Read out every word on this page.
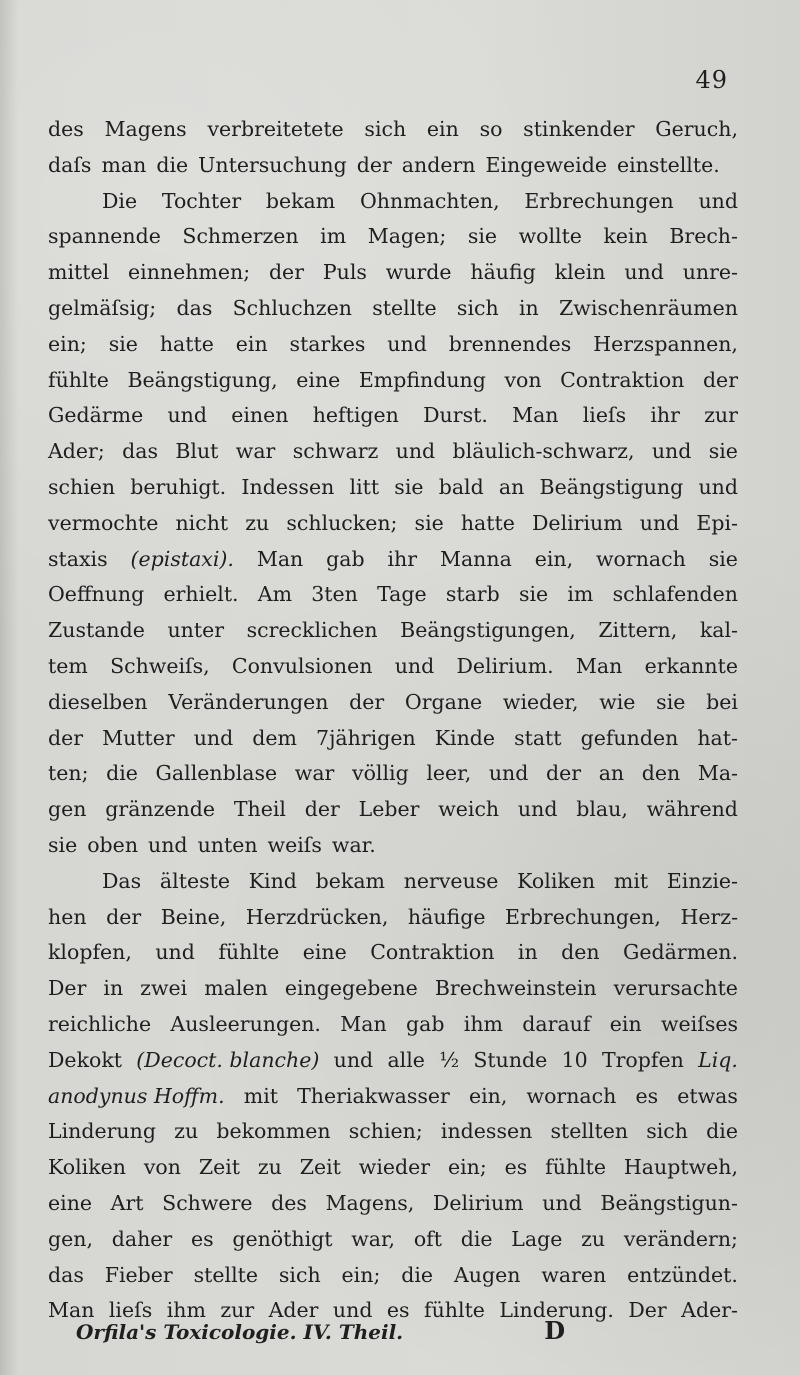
49
des Magens verbreitetete sich ein so stinkender Geruch,
daſs man die Untersuchung der andern Eingeweide einstellte.
Die Tochter bekam Ohnmachten, Erbrechungen und
spannende Schmerzen im Magen; sie wollte kein Brech-
mittel einnehmen; der Puls wurde häufig klein und unre-
gelmäſsig; das Schluchzen stellte sich in Zwischenräumen
ein; sie hatte ein starkes und brennendes Herzspannen,
fühlte Beängstigung, eine Empfindung von Contraktion der
Gedärme und einen heftigen Durst. Man lieſs ihr zur
Ader; das Blut war schwarz und bläulich-schwarz, und sie
schien beruhigt. Indessen litt sie bald an Beängstigung und
vermochte nicht zu schlucken; sie hatte Delirium und Epi-
staxis (epistaxi). Man gab ihr Manna ein, wornach sie
Oeffnung erhielt. Am 3ten Tage starb sie im schlafenden
Zustande unter screcklichen Beängstigungen, Zittern, kal-
tem Schweiſs, Convulsionen und Delirium. Man erkannte
dieselben Veränderungen der Organe wieder, wie sie bei
der Mutter und dem 7jährigen Kinde statt gefunden hat-
ten; die Gallenblase war völlig leer, und der an den Ma-
gen gränzende Theil der Leber weich und blau, während
sie oben und unten weiſs war.
Das älteste Kind bekam nerveuse Koliken mit Einzie-
hen der Beine, Herzdrücken, häufige Erbrechungen, Herz-
klopfen, und fühlte eine Contraktion in den Gedärmen.
Der in zwei malen eingegebene Brechweinstein verursachte
reichliche Ausleerungen. Man gab ihm darauf ein weiſses
Dekokt (Decoct. blanche) und alle ½ Stunde 10 Tropfen Liq.
anodynus Hoffm. mit Theriakwasser ein, wornach es etwas
Linderung zu bekommen schien; indessen stellten sich die
Koliken von Zeit zu Zeit wieder ein; es fühlte Hauptweh,
eine Art Schwere des Magens, Delirium und Beängstigun-
gen, daher es genöthigt war, oft die Lage zu verändern;
das Fieber stellte sich ein; die Augen waren entzündet.
Man lieſs ihm zur Ader und es fühlte Linderung. Der Ader-
Orfila's Toxicologie. IV. Theil.	D
